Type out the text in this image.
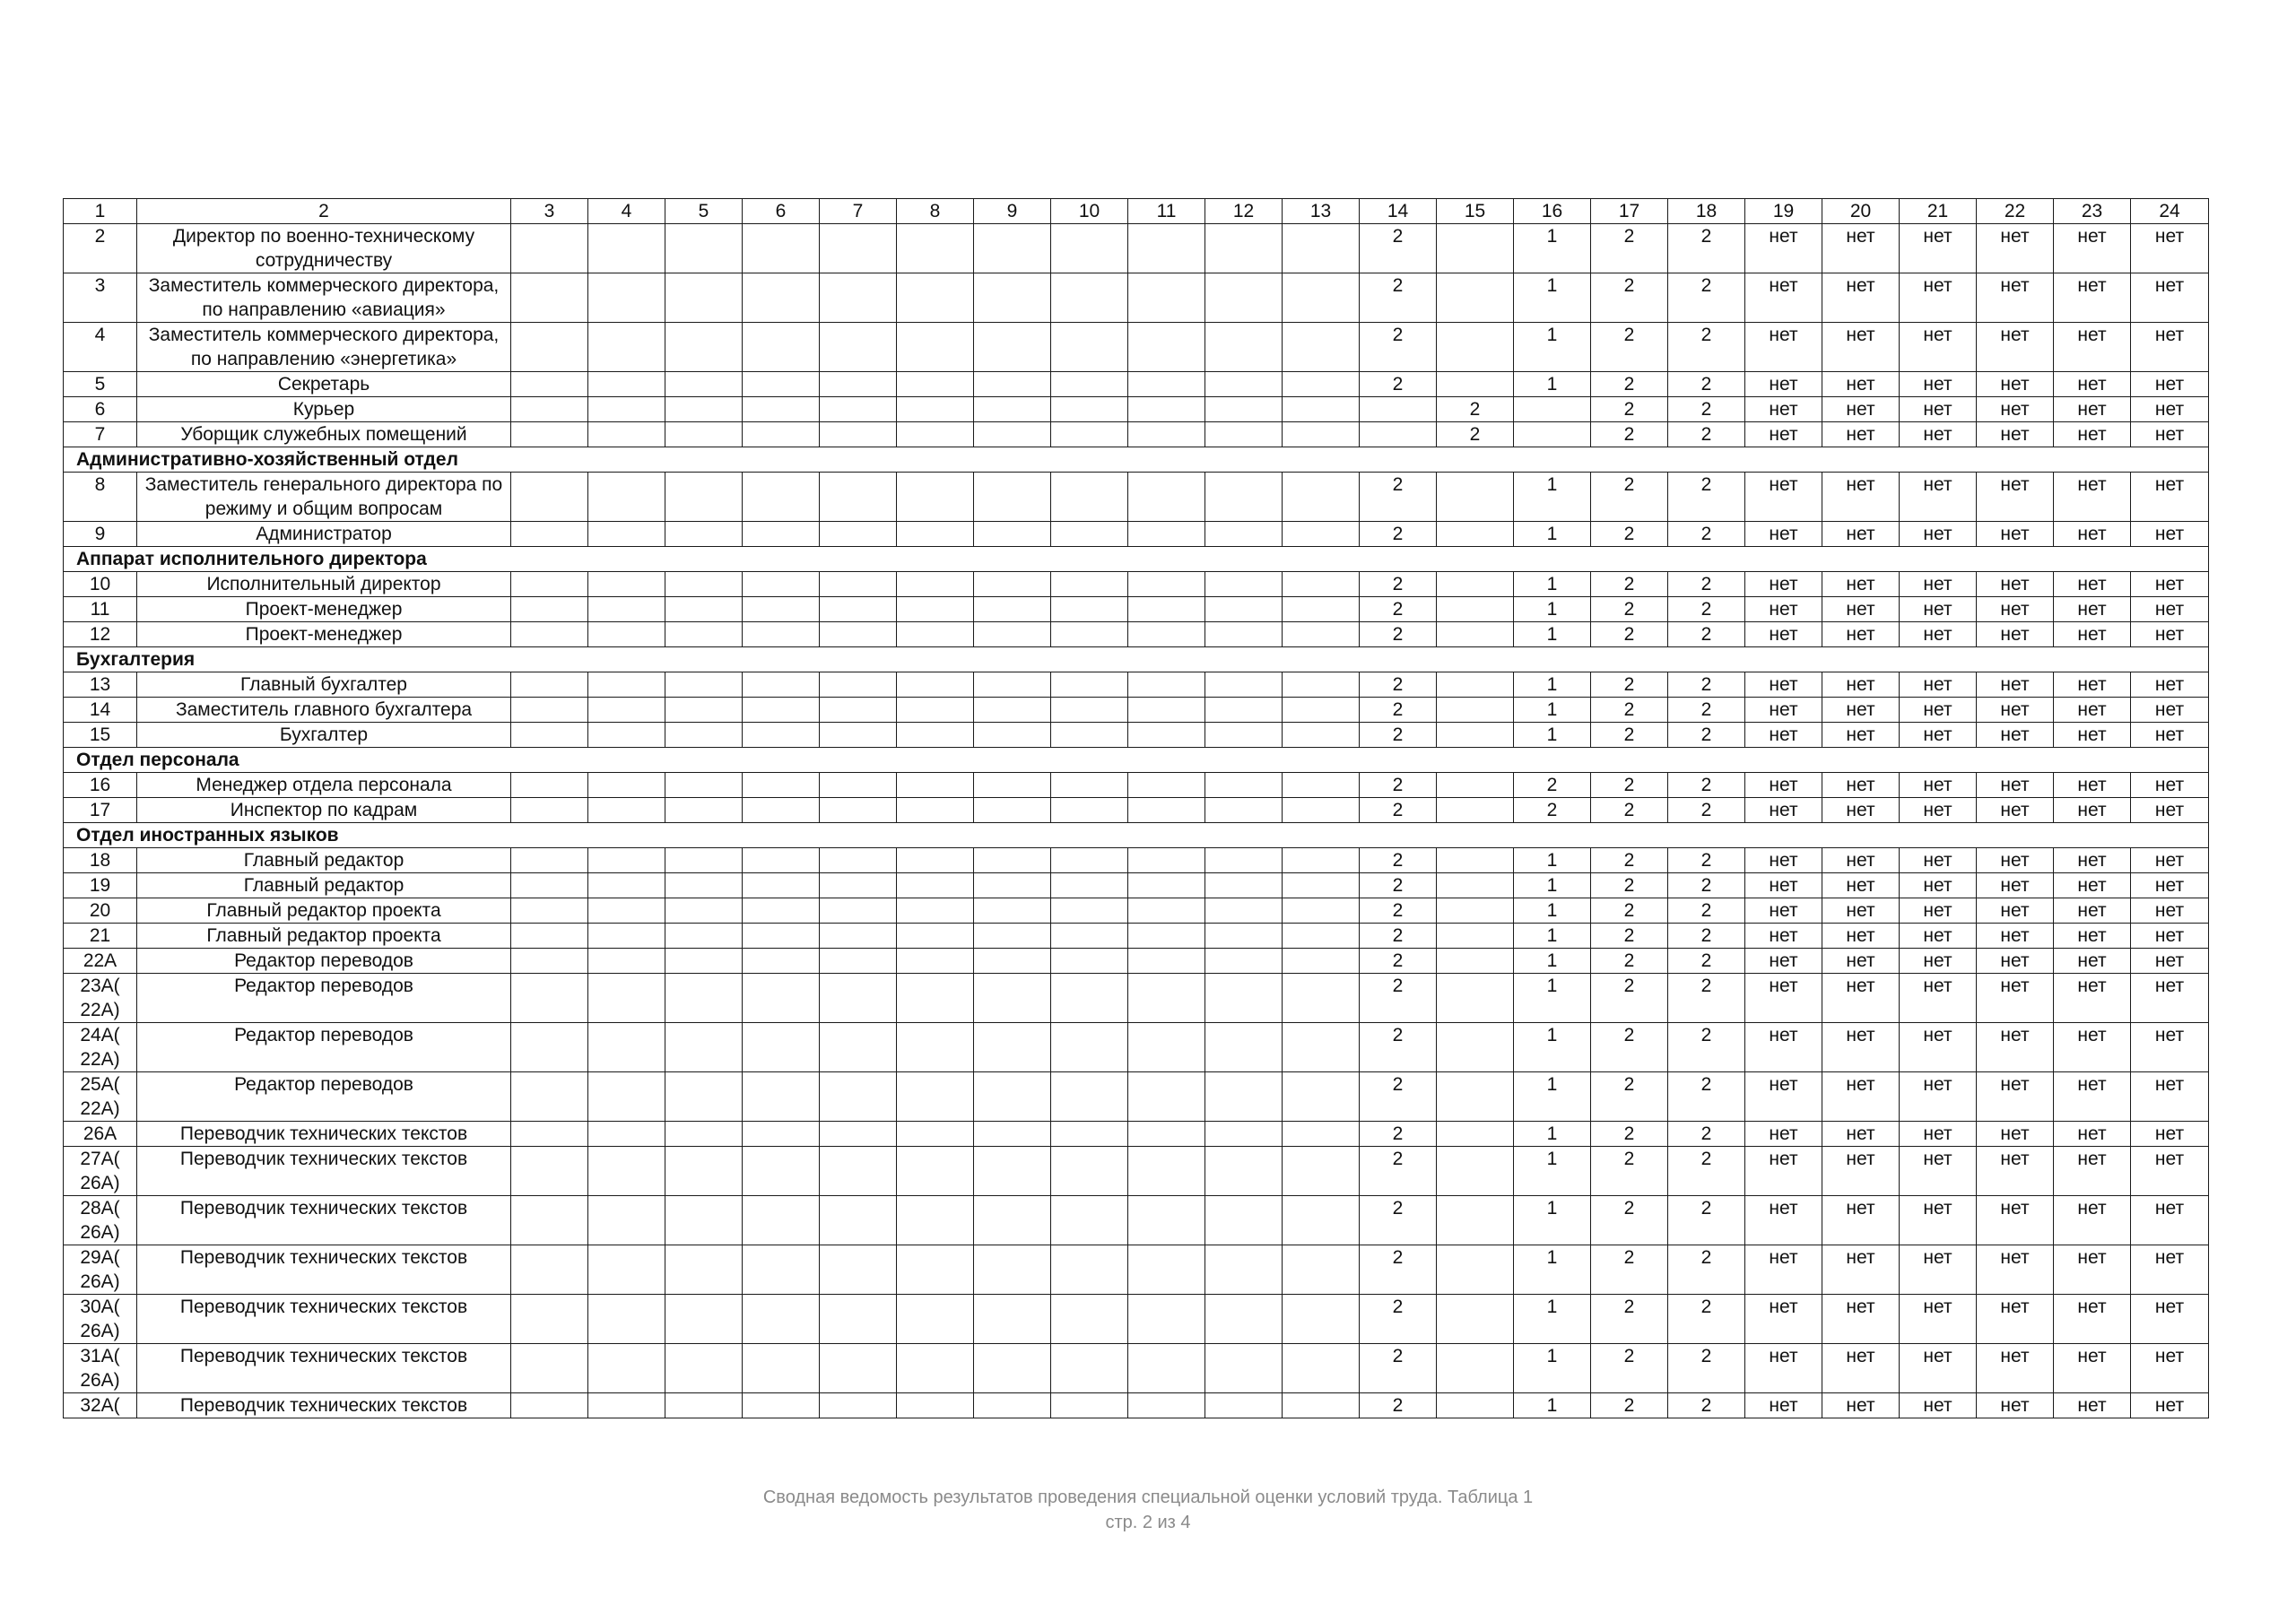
1	2	3	4	5	6	7	8	9	10	11	12	13	14	15	16	17	18	19	20	21	22	23	24
2	Директор по военно-техническому сотрудничеству												2		1	2	2	нет	нет	нет	нет	нет	нет
3	Заместитель коммерческого директора, по направлению «авиация»												2		1	2	2	нет	нет	нет	нет	нет	нет
4	Заместитель коммерческого директора, по направлению «энергетика»												2		1	2	2	нет	нет	нет	нет	нет	нет
5	Секретарь												2		1	2	2	нет	нет	нет	нет	нет	нет
6	Курьер													2		2	2	нет	нет	нет	нет	нет	нет
7	Уборщик служебных помещений													2		2	2	нет	нет	нет	нет	нет	нет
Административно-хозяйственный отдел																							
8	Заместитель генерального директора по режиму и общим вопросам												2		1	2	2	нет	нет	нет	нет	нет	нет
9	Администратор												2		1	2	2	нет	нет	нет	нет	нет	нет
Аппарат исполнительного директора																							
10	Исполнительный директор												2		1	2	2	нет	нет	нет	нет	нет	нет
11	Проект-менеджер												2		1	2	2	нет	нет	нет	нет	нет	нет
12	Проект-менеджер												2		1	2	2	нет	нет	нет	нет	нет	нет
Бухгалтерия																							
13	Главный бухгалтер												2		1	2	2	нет	нет	нет	нет	нет	нет
14	Заместитель главного бухгалтера												2		1	2	2	нет	нет	нет	нет	нет	нет
15	Бухгалтер												2		1	2	2	нет	нет	нет	нет	нет	нет
Отдел персонала																							
16	Менеджер отдела персонала												2		2	2	2	нет	нет	нет	нет	нет	нет
17	Инспектор по кадрам												2		2	2	2	нет	нет	нет	нет	нет	нет
Отдел иностранных языков																							
18	Главный редактор												2		1	2	2	нет	нет	нет	нет	нет	нет
19	Главный редактор												2		1	2	2	нет	нет	нет	нет	нет	нет
20	Главный редактор проекта												2		1	2	2	нет	нет	нет	нет	нет	нет
21	Главный редактор проекта												2		1	2	2	нет	нет	нет	нет	нет	нет
22А	Редактор переводов												2		1	2	2	нет	нет	нет	нет	нет	нет
23А( 22А)	Редактор переводов												2		1	2	2	нет	нет	нет	нет	нет	нет
24А( 22А)	Редактор переводов												2		1	2	2	нет	нет	нет	нет	нет	нет
25А( 22А)	Редактор переводов												2		1	2	2	нет	нет	нет	нет	нет	нет
26А	Переводчик технических текстов												2		1	2	2	нет	нет	нет	нет	нет	нет
27А( 26А)	Переводчик технических текстов												2		1	2	2	нет	нет	нет	нет	нет	нет
28А( 26А)	Переводчик технических текстов												2		1	2	2	нет	нет	нет	нет	нет	нет
29А( 26А)	Переводчик технических текстов												2		1	2	2	нет	нет	нет	нет	нет	нет
30А( 26А)	Переводчик технических текстов												2		1	2	2	нет	нет	нет	нет	нет	нет
31А( 26А)	Переводчик технических текстов												2		1	2	2	нет	нет	нет	нет	нет	нет
32А(	Переводчик технических текстов												2		1	2	2	нет	нет	нет	нет	нет	нет
Сводная ведомость результатов проведения специальной оценки условий труда. Таблица 1
стр. 2 из 4
